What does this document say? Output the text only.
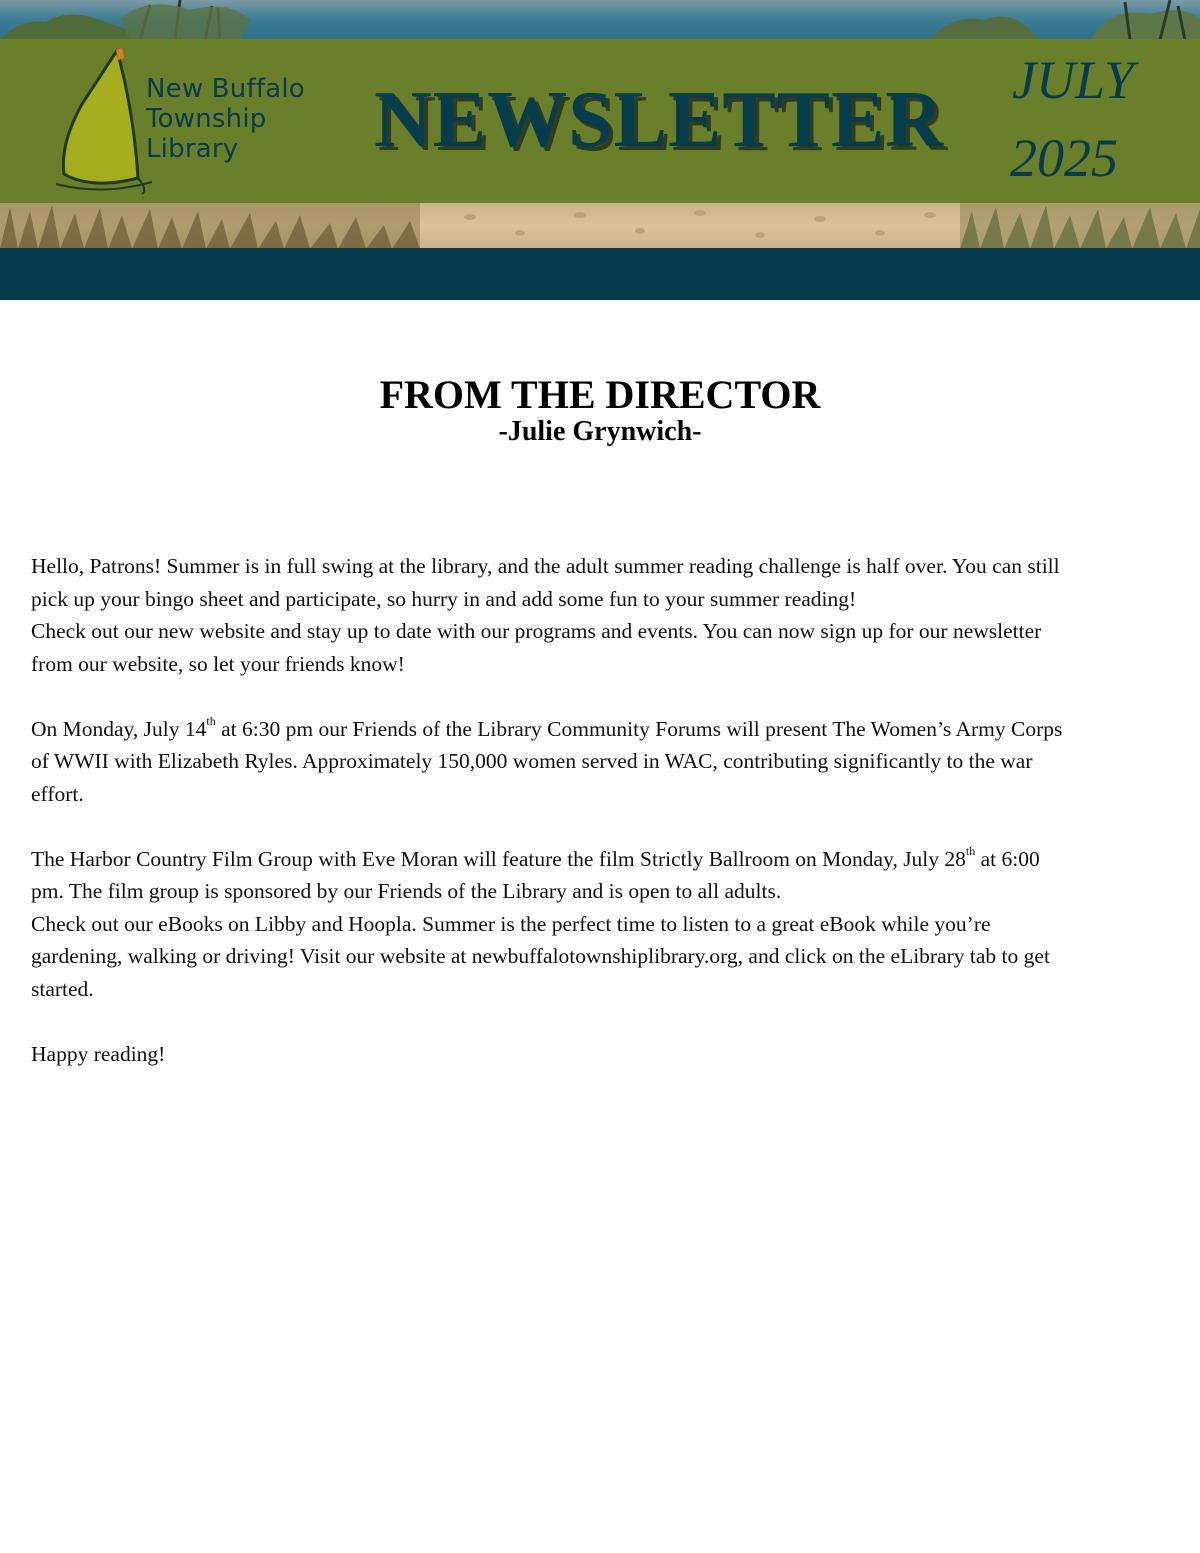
New Buffalo
Township
Library	NEWSLETTER JULY
2025
FROM THE DIRECTOR
-Julie Grynwich-

Hello, Patrons! Summer is in full swing at the library, and the adult summer reading challenge is half over. You can still

pick up your bingo sheet and participate, so hurry in and add some fun to your summer reading!

Check out our new website and stay up to date with our programs and events. You can now sign up for our newsletter

from our website, so let your friends know!

On Monday, July 14th at 6:30 pm our Friends of the Library Community Forums will present The Women’s Army Corps

of WWII with Elizabeth Ryles. Approximately 150,000 women served in WAC, contributing significantly to the war

effort.

The Harbor Country Film Group with Eve Moran will feature the film Strictly Ballroom on Monday, July 28th at 6:00

pm. The film group is sponsored by our Friends of the Library and is open to all adults.

Check out our eBooks on Libby and Hoopla. Summer is the perfect time to listen to a great eBook while you’re

gardening, walking or driving! Visit our website at newbuffalotownshiplibrary.org, and click on the eLibrary tab to get

started.

Happy reading!
